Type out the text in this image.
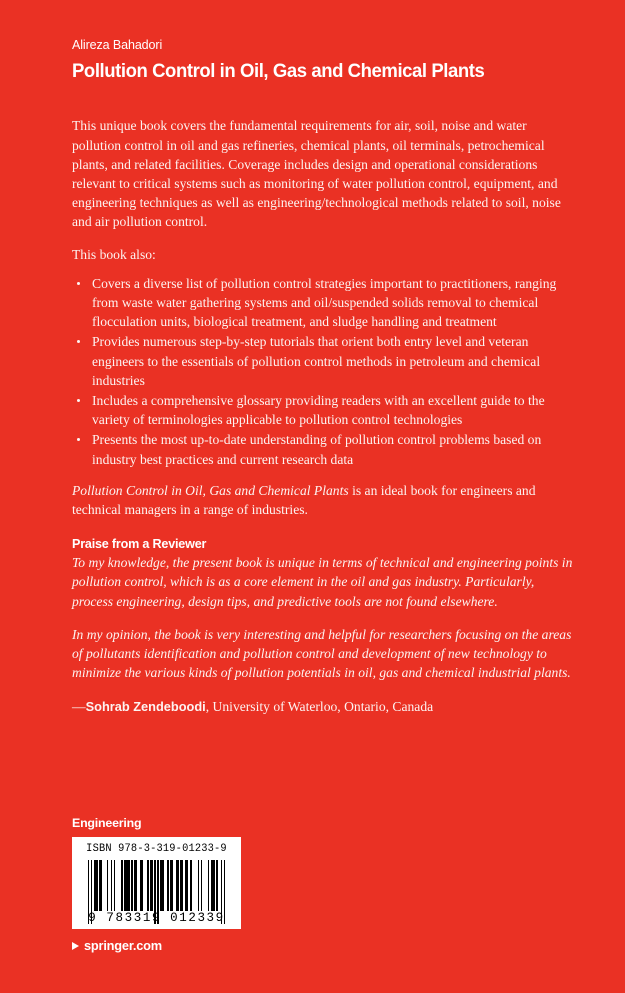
Alireza Bahadori

Pollution Control in Oil, Gas and Chemical Plants

This unique book covers the fundamental requirements for air, soil, noise and water pollution control in oil and gas refineries, chemical plants, oil terminals, petrochemical plants, and related facilities. Coverage includes design and operational considerations relevant to critical systems such as monitoring of water pollution control, equipment, and engineering techniques as well as engineering/technological methods related to soil, noise and air pollution control.

This book also:

Covers a diverse list of pollution control strategies important to practitioners, ranging from waste water gathering systems and oil/suspended solids removal to chemical flocculation units, biological treatment, and sludge handling and treatment
Provides numerous step-by-step tutorials that orient both entry level and veteran engineers to the essentials of pollution control methods in petroleum and chemical industries
Includes a comprehensive glossary providing readers with an excellent guide to the variety of terminologies applicable to pollution control technologies
Presents the most up-to-date understanding of pollution control problems based on industry best practices and current research data

Pollution Control in Oil, Gas and Chemical Plants is an ideal book for engineers and technical managers in a range of industries.

Praise from a Reviewer

To my knowledge, the present book is unique in terms of technical and engineering points in pollution control, which is as a core element in the oil and gas industry. Particularly, process engineering, design tips, and predictive tools are not found elsewhere.

In my opinion, the book is very interesting and helpful for researchers focusing on the areas of pollutants identification and pollution control and development of new technology to minimize the various kinds of pollution potentials in oil, gas and chemical industrial plants.

—Sohrab Zendeboodi, University of Waterloo, Ontario, Canada

Engineering

ISBN 978-3-319-01233-9
9 783319 012339
springer.com
